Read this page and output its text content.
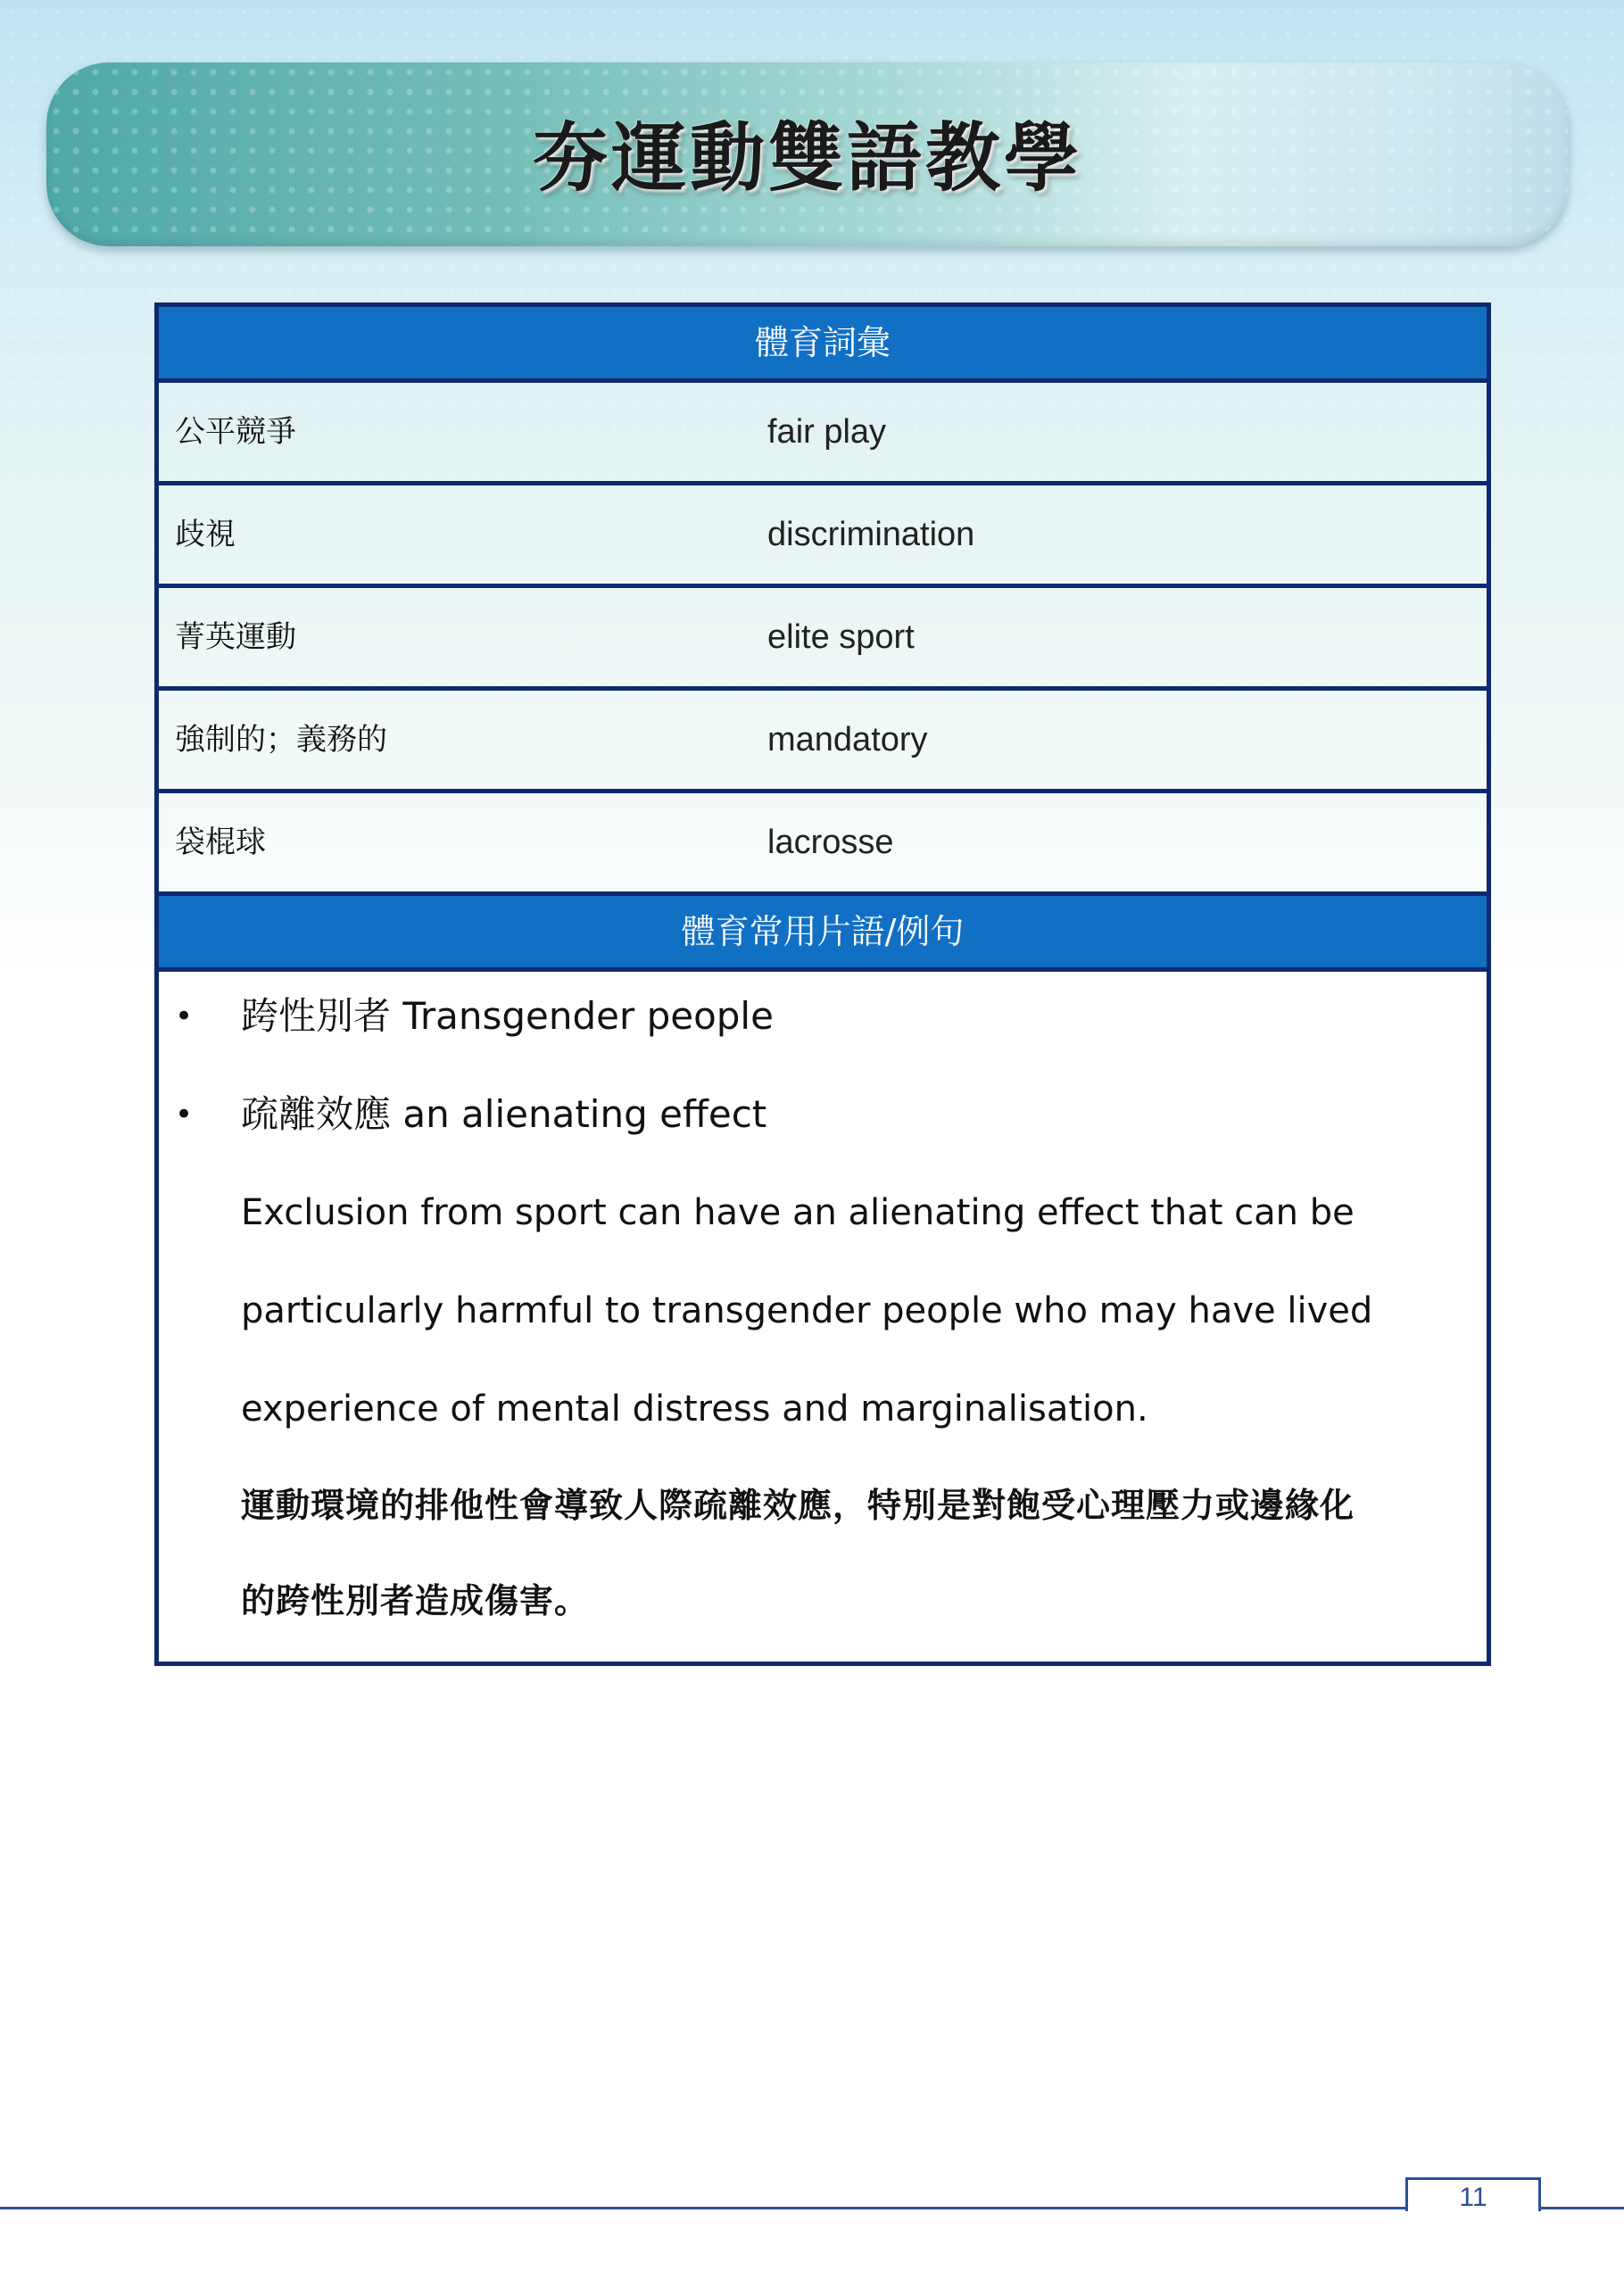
夯運動雙語教學
體育詞彙
公平競爭	fair play
歧視	discrimination
菁英運動	elite sport
強制的；義務的	mandatory
袋棍球	lacrosse
體育常用片語/例句
• 跨性別者 Transgender people
• 疏離效應 an alienating effect
Exclusion from sport can have an alienating effect that can be
particularly harmful to transgender people who may have lived
experience of mental distress and marginalisation.
運動環境的排他性會導致人際疏離效應，特別是對飽受心理壓力或邊緣化
的跨性別者造成傷害。
11
